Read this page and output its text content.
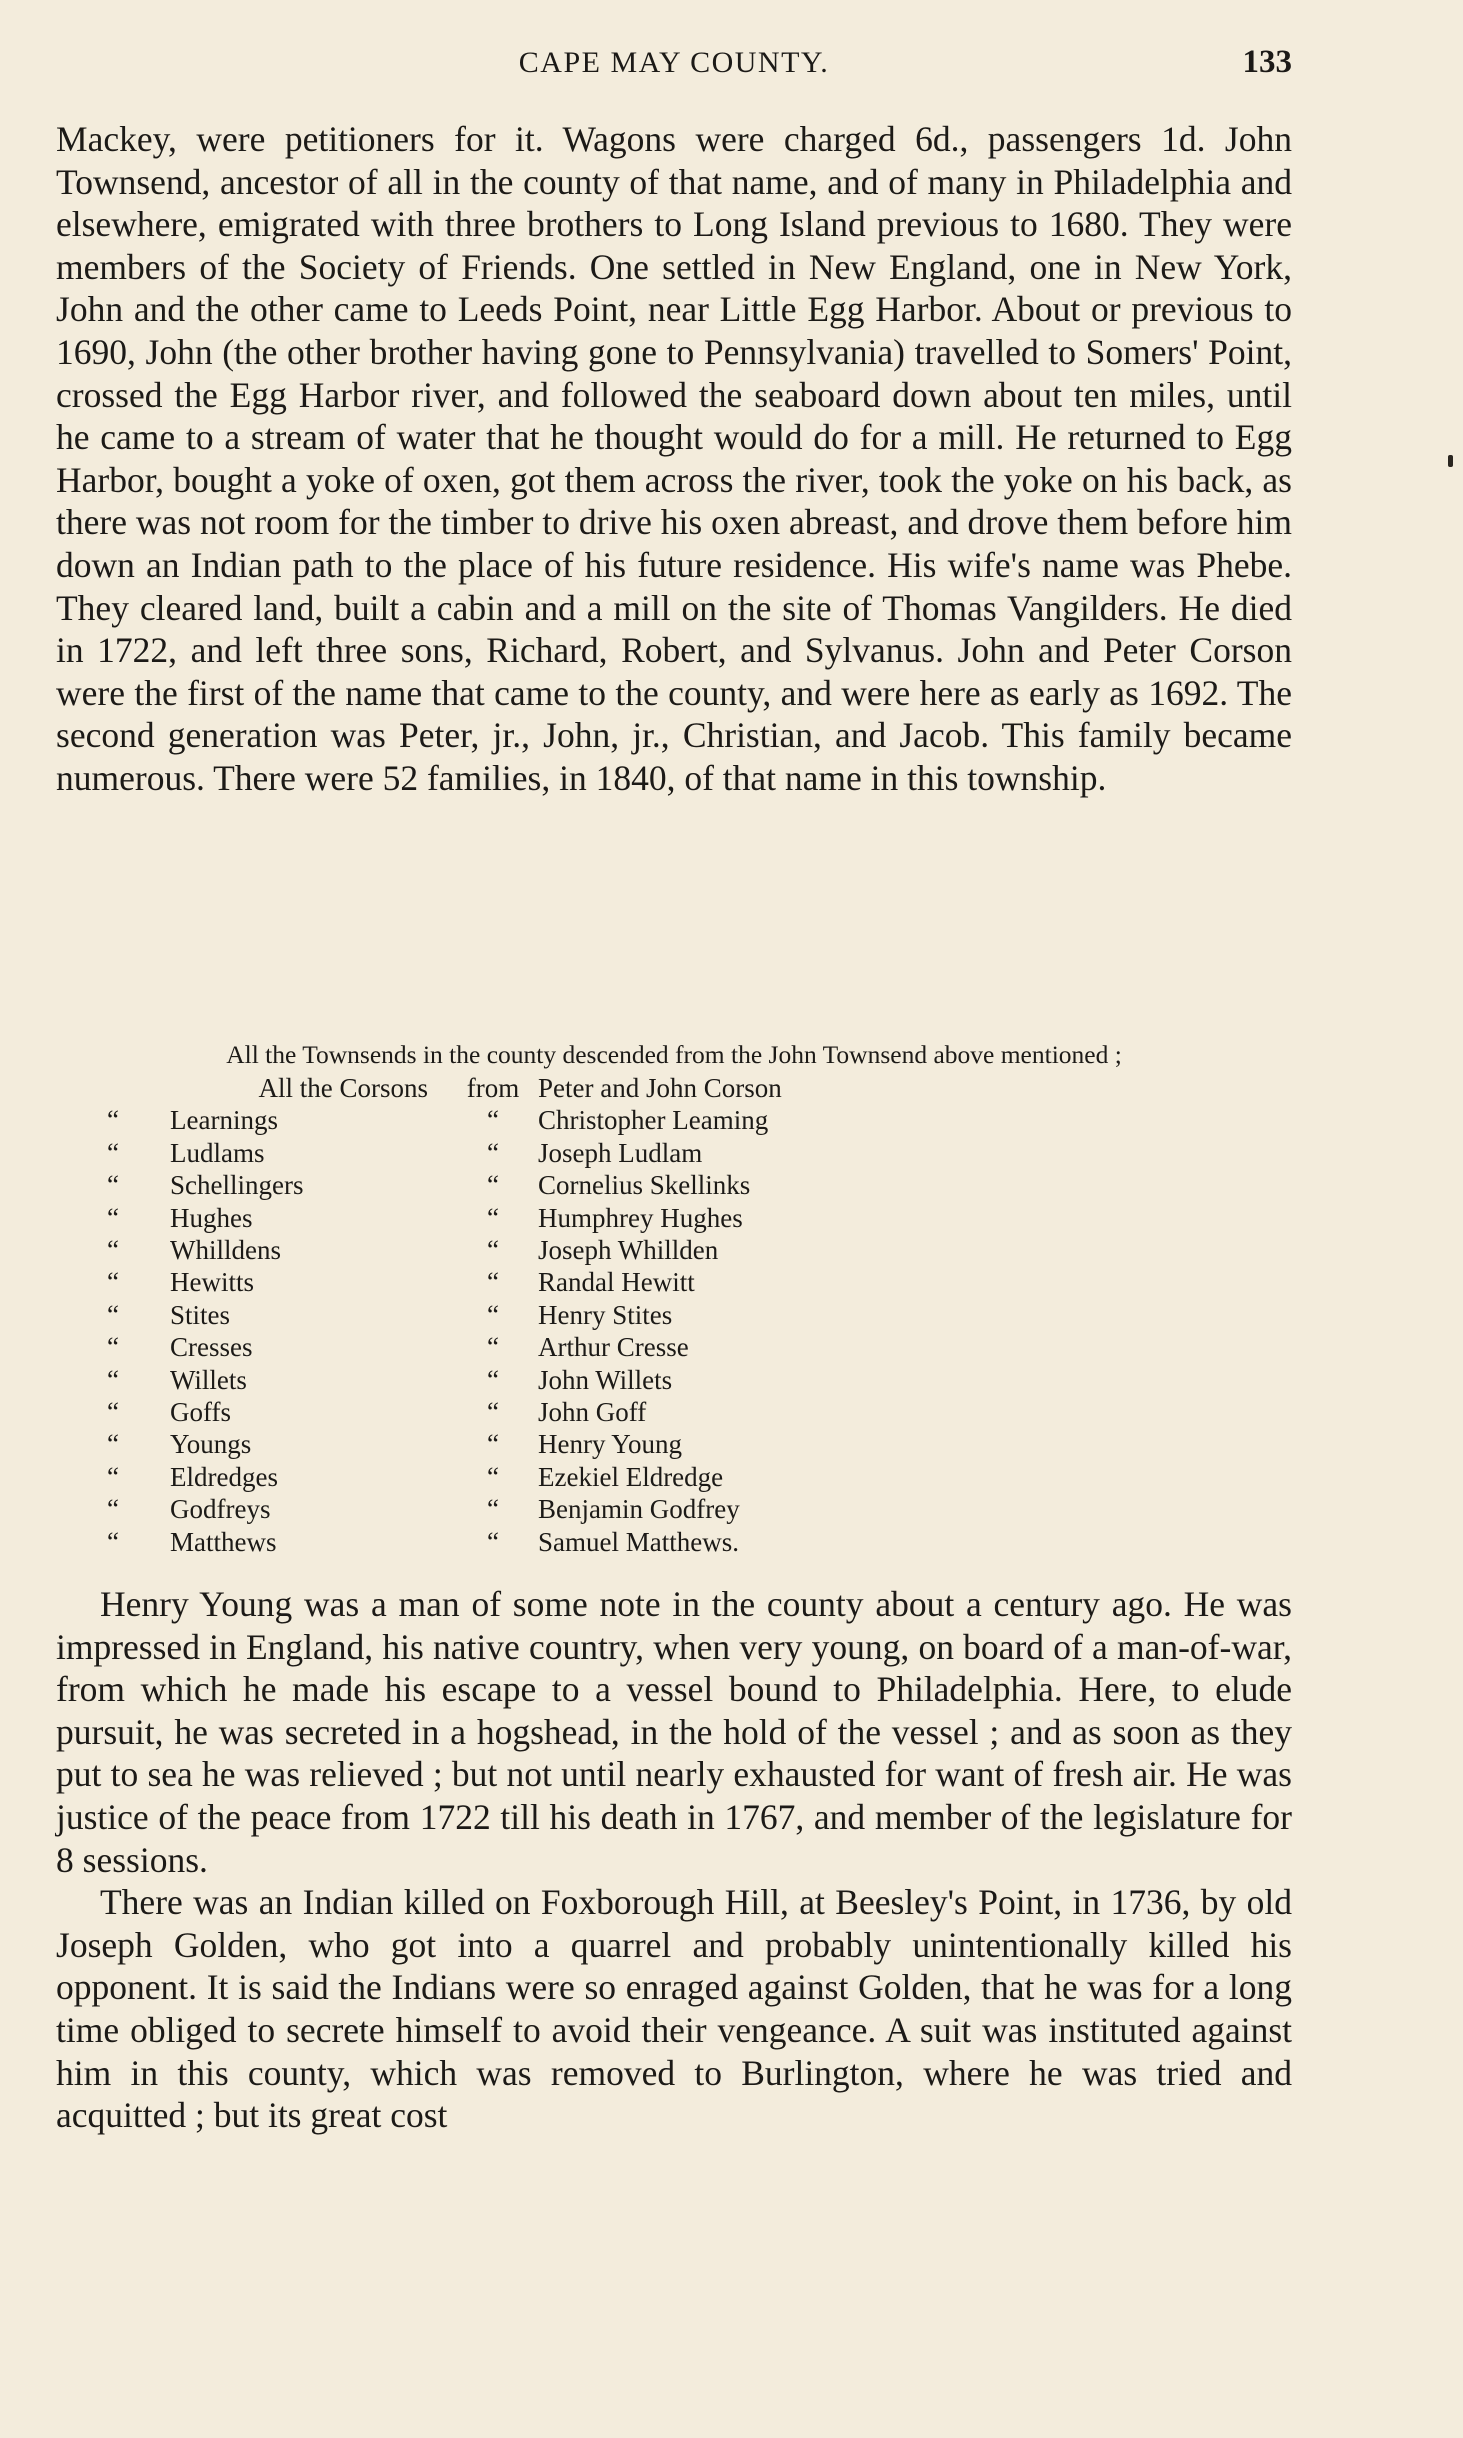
CAPE MAY COUNTY.	133

Mackey, were petitioners for it. Wagons were charged 6d., passengers 1d. John Townsend, ancestor of all in the county of that name, and of many in Philadelphia and elsewhere, emigrated with three brothers to Long Island previous to 1680. They were members of the Society of Friends. One settled in New England, one in New York, John and the other came to Leeds Point, near Little Egg Harbor. About or previous to 1690, John (the other brother having gone to Pennsylvania) travelled to Somers' Point, crossed the Egg Harbor river, and followed the seaboard down about ten miles, until he came to a stream of water that he thought would do for a mill. He returned to Egg Harbor, bought a yoke of oxen, got them across the river, took the yoke on his back, as there was not room for the timber to drive his oxen abreast, and drove them before him down an Indian path to the place of his future residence. His wife's name was Phebe. They cleared land, built a cabin and a mill on the site of Thomas Vangilders. He died in 1722, and left three sons, Richard, Robert, and Sylvanus. John and Peter Corson were the first of the name that came to the county, and were here as early as 1692. The second generation was Peter, jr., John, jr., Christian, and Jacob. This family became numerous. There were 52 families, in 1840, of that name in this township.

All the Townsends in the county descended from the John Townsend above mentioned ;
All the Corsons		from	Peter and John Corson
“	Learnings	“	Christopher Leaming
“	Ludlams	“	Joseph Ludlam
“	Schellingers	“	Cornelius Skellinks
“	Hughes	“	Humphrey Hughes
“	Whilldens	“	Joseph Whillden
“	Hewitts	“	Randal Hewitt
“	Stites	“	Henry Stites
“	Cresses	“	Arthur Cresse
“	Willets	“	John Willets
“	Goffs	“	John Goff
“	Youngs	“	Henry Young
“	Eldredges	“	Ezekiel Eldredge
“	Godfreys	“	Benjamin Godfrey
“	Matthews	“	Samuel Matthews.

Henry Young was a man of some note in the county about a century ago. He was impressed in England, his native country, when very young, on board of a man-of-war, from which he made his escape to a vessel bound to Philadelphia. Here, to elude pursuit, he was secreted in a hogshead, in the hold of the vessel ; and as soon as they put to sea he was relieved ; but not until nearly exhausted for want of fresh air. He was justice of the peace from 1722 till his death in 1767, and member of the legislature for 8 sessions.

There was an Indian killed on Foxborough Hill, at Beesley's Point, in 1736, by old Joseph Golden, who got into a quarrel and probably unintentionally killed his opponent. It is said the Indians were so enraged against Golden, that he was for a long time obliged to secrete himself to avoid their vengeance. A suit was instituted against him in this county, which was removed to Burlington, where he was tried and acquitted ; but its great cost
